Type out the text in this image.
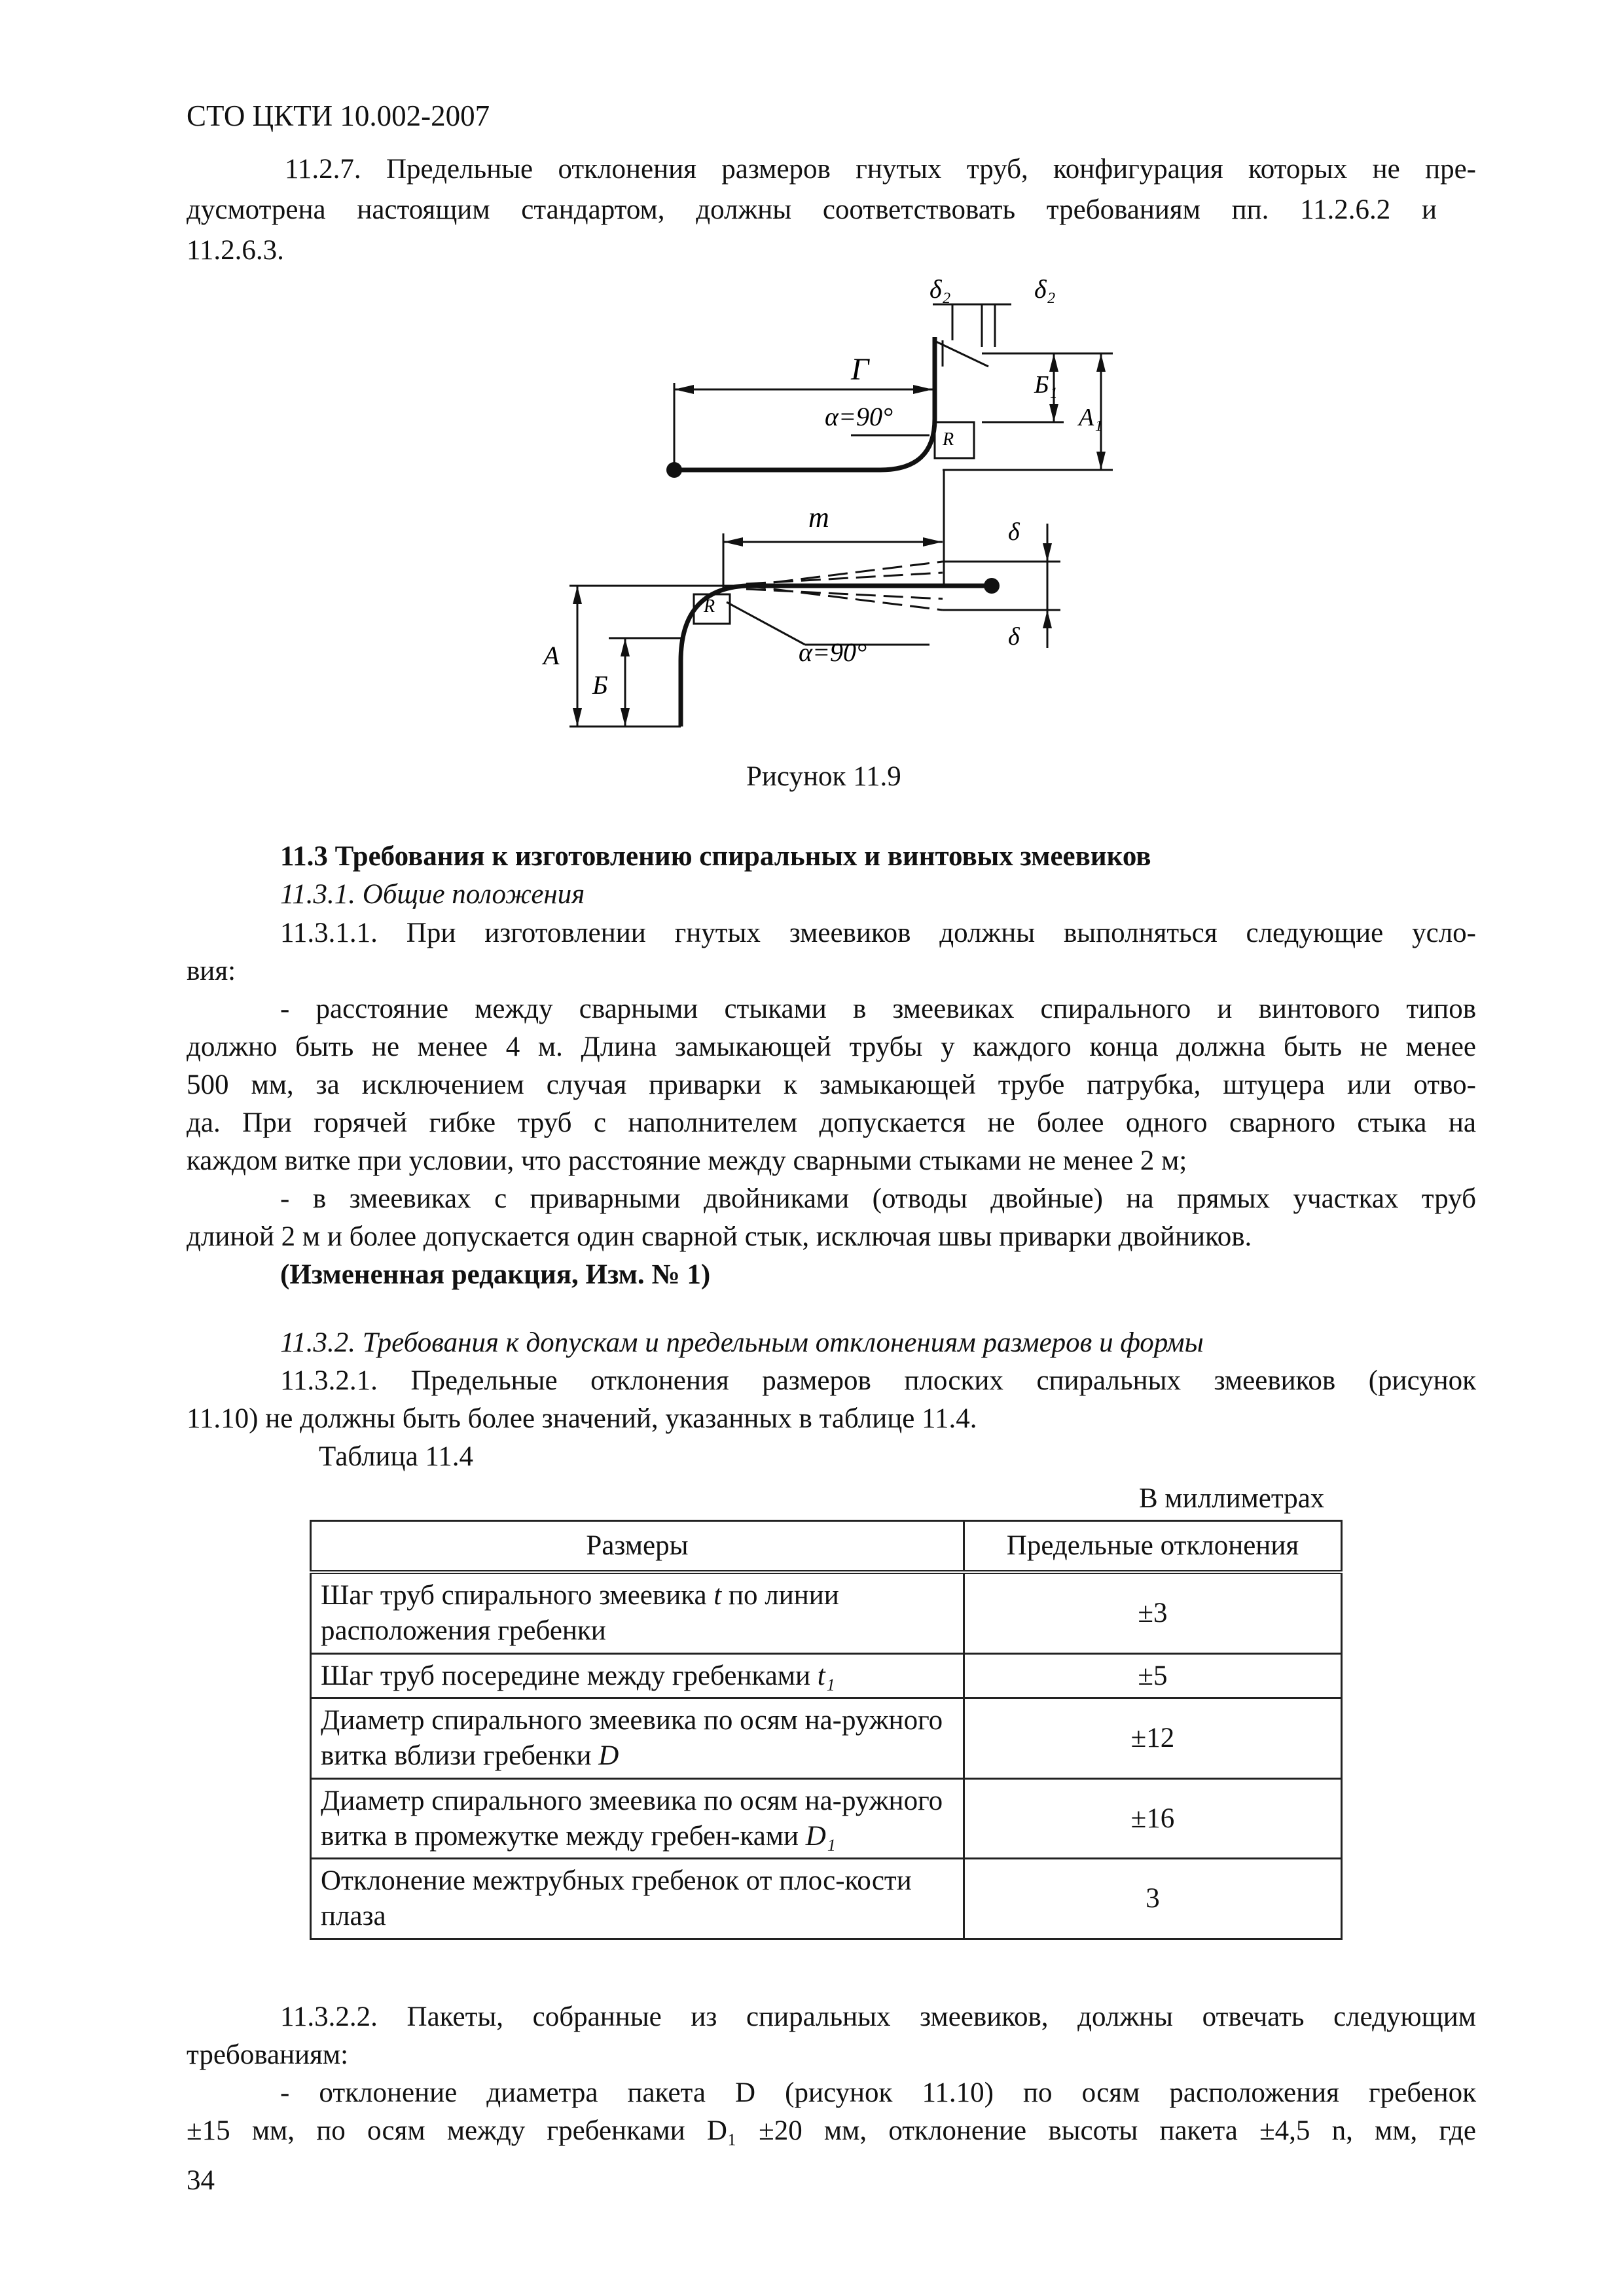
СТО ЦКТИ 10.002-2007
11.2.7. Предельные отклонения размеров гнутых труб, конфигурация которых не пре-
дусмотрена настоящим стандартом, должны соответствовать требованиям пп. 11.2.6.2 и
11.2.6.3.
Г
α=90°
δ₂	δ₂
Б₁
А₁
R
m	δ
δ
R
α=90°
А
Б
Рисунок 11.9
11.3 Требования к изготовлению спиральных и винтовых змеевиков
11.3.1. Общие положения
11.3.1.1. При изготовлении гнутых змеевиков должны выполняться следующие усло-
вия:
- расстояние между сварными стыками в змеевиках спирального и винтового типов
должно быть не менее 4 м. Длина замыкающей трубы у каждого конца должна быть не менее
500 мм, за исключением случая приварки к замыкающей трубе патрубка, штуцера или отво-
да. При горячей гибке труб с наполнителем допускается не более одного сварного стыка на
каждом витке при условии, что расстояние между сварными стыками не менее 2 м;
- в змеевиках с приварными двойниками (отводы двойные) на прямых участках труб
длиной 2 м и более допускается один сварной стык, исключая швы приварки двойников.
(Измененная редакция, Изм. № 1)
11.3.2. Требования к допускам и предельным отклонениям размеров и формы
11.3.2.1. Предельные отклонения размеров плоских спиральных змеевиков (рисунок
11.10) не должны быть более значений, указанных в таблице 11.4.
Таблица 11.4
В миллиметрах
Размеры	Предельные отклонения
Шаг труб спирального змеевика t по линии расположения гребенки	±3
Шаг труб посередине между гребенками t₁	±5
Диаметр спирального змеевика по осям на-ружного витка вблизи гребенки D	±12
Диаметр спирального змеевика по осям на-ружного витка в промежутке между гребен-ками D₁	±16
Отклонение межтрубных гребенок от плос-кости плаза	3
11.3.2.2. Пакеты, собранные из спиральных змеевиков, должны отвечать следующим
требованиям:
- отклонение диаметра пакета D (рисунок 11.10) по осям расположения гребенок
±15 мм, по осям между гребенками D₁ ±20 мм, отклонение высоты пакета ±4,5 n, мм, где
34
